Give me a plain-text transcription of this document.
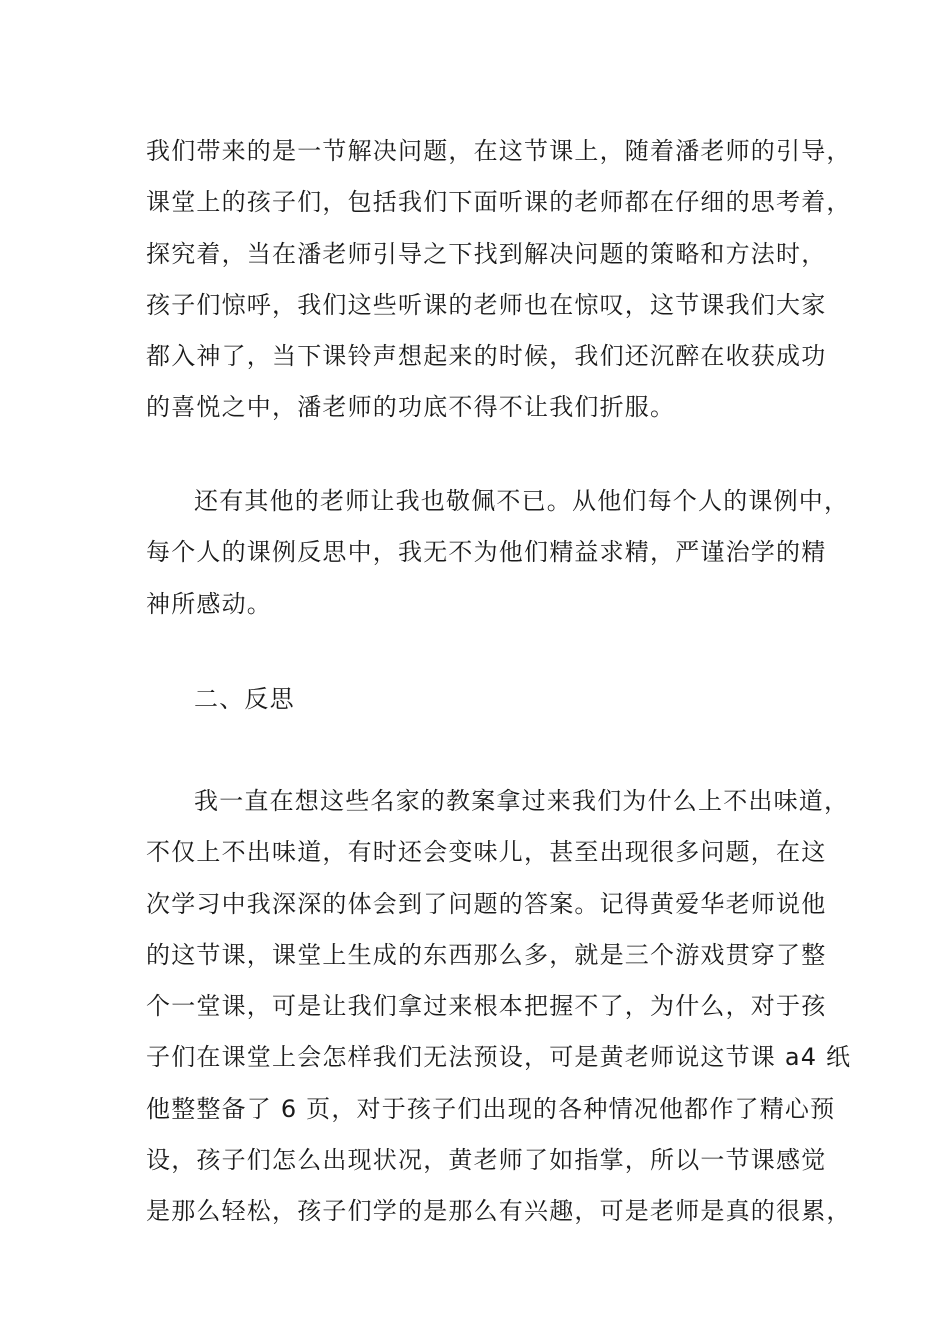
我们带来的是一节解决问题，在这节课上，随着潘老师的引导，
课堂上的孩子们，包括我们下面听课的老师都在仔细的思考着，
探究着，当在潘老师引导之下找到解决问题的策略和方法时，
孩子们惊呼，我们这些听课的老师也在惊叹，这节课我们大家
都入神了，当下课铃声想起来的时候，我们还沉醉在收获成功
的喜悦之中，潘老师的功底不得不让我们折服。
还有其他的老师让我也敬佩不已。从他们每个人的课例中，
每个人的课例反思中，我无不为他们精益求精，严谨治学的精
神所感动。
二、反思
我一直在想这些名家的教案拿过来我们为什么上不出味道，
不仅上不出味道，有时还会变味儿，甚至出现很多问题，在这
次学习中我深深的体会到了问题的答案。记得黄爱华老师说他
的这节课，课堂上生成的东西那么多，就是三个游戏贯穿了整
个一堂课，可是让我们拿过来根本把握不了，为什么，对于孩
子们在课堂上会怎样我们无法预设，可是黄老师说这节课 a4 纸
他整整备了 6 页，对于孩子们出现的各种情况他都作了精心预
设，孩子们怎么出现状况，黄老师了如指掌，所以一节课感觉
是那么轻松，孩子们学的是那么有兴趣，可是老师是真的很累，
